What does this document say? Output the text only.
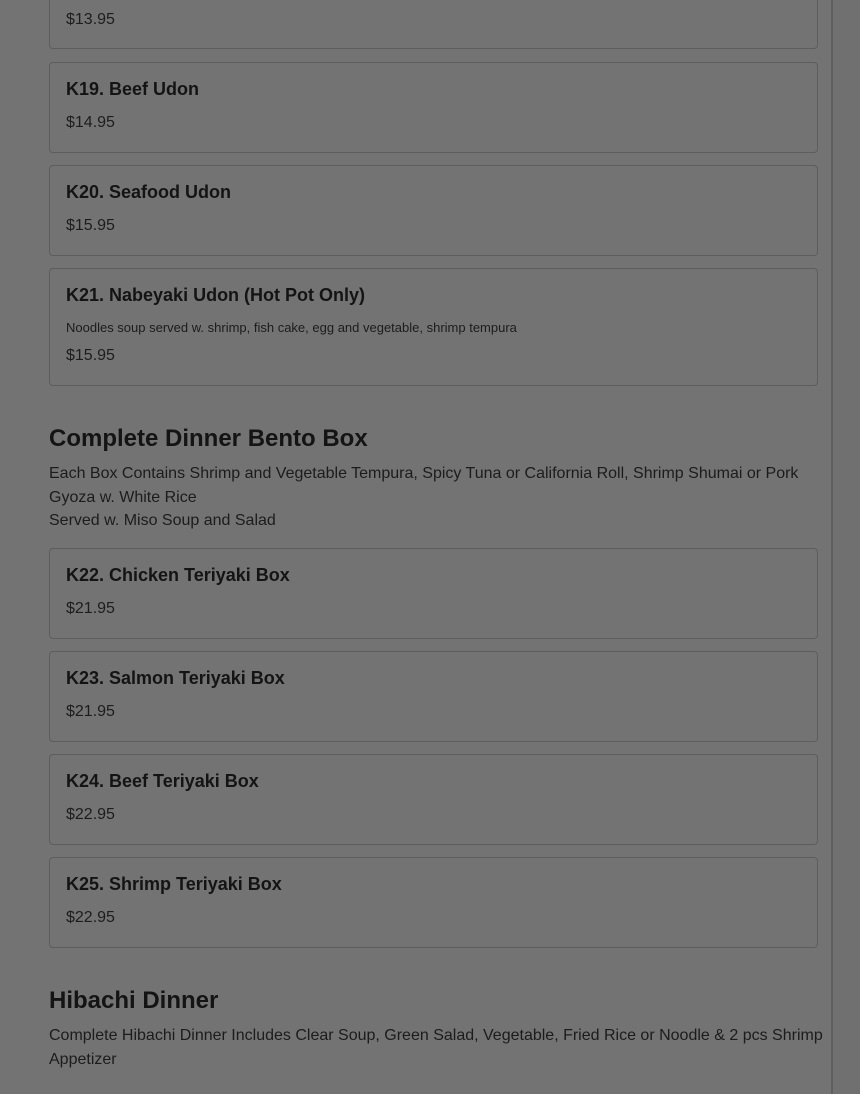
$13.95
K19. Beef Udon
$14.95
K20. Seafood Udon
$15.95
K21. Nabeyaki Udon (Hot Pot Only)
Noodles soup served w. shrimp, fish cake, egg and vegetable, shrimp tempura
$15.95
Complete Dinner Bento Box
Each Box Contains Shrimp and Vegetable Tempura, Spicy Tuna or California Roll, Shrimp Shumai or Pork Gyoza w. White Rice
Served w. Miso Soup and Salad
K22. Chicken Teriyaki Box
$21.95
K23. Salmon Teriyaki Box
$21.95
K24. Beef Teriyaki Box
$22.95
K25. Shrimp Teriyaki Box
$22.95
Hibachi Dinner
Complete Hibachi Dinner Includes Clear Soup, Green Salad, Vegetable, Fried Rice or Noodle & 2 pcs Shrimp Appetizer
